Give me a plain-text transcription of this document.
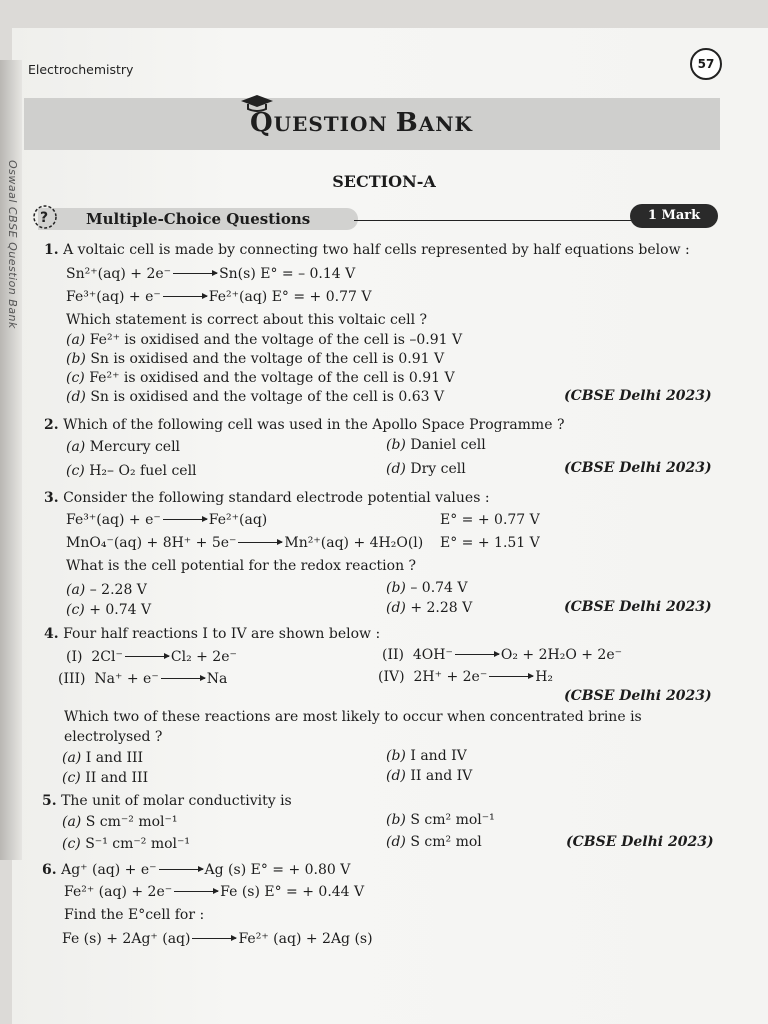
Oswaal CBSE Question Bank
Electrochemistry	57
QUESTION BANK
SECTION-A
?	Multiple-Choice Questions	1 Mark
1. A voltaic cell is made by connecting two half cells represented by half equations below :
Sn²⁺(aq) + 2e⁻	Sn(s) E° = – 0.14 V
Fe³⁺(aq) + e⁻	Fe²⁺(aq) E° = + 0.77 V
Which statement is correct about this voltaic cell ?
(a) Fe²⁺ is oxidised and the voltage of the cell is –0.91 V
(b) Sn is oxidised and the voltage of the cell is 0.91 V
(c) Fe²⁺ is oxidised and the voltage of the cell is 0.91 V
(d) Sn is oxidised and the voltage of the cell is 0.63 V	(CBSE Delhi 2023)
2. Which of the following cell was used in the Apollo Space Programme ?
(a) Mercury cell	(b) Daniel cell
(c) H₂– O₂ fuel cell	(d) Dry cell	(CBSE Delhi 2023)
3. Consider the following standard electrode potential values :
Fe³⁺(aq) + e⁻	Fe²⁺(aq)	E° = + 0.77 V
MnO₄⁻(aq) + 8H⁺ + 5e⁻	Mn²⁺(aq) + 4H₂O(l) E° = + 1.51 V
What is the cell potential for the redox reaction ?
(a) – 2.28 V	(b) – 0.74 V
(c) + 0.74 V	(d) + 2.28 V	(CBSE Delhi 2023)
4. Four half reactions I to IV are shown below :
(I) 2Cl⁻	Cl₂ + 2e⁻	(II) 4OH⁻	O₂ + 2H₂O + 2e⁻
(III) Na⁺ + e⁻	Na	(IV) 2H⁺ + 2e⁻	H₂
(CBSE Delhi 2023)
Which two of these reactions are most likely to occur when concentrated brine is
electrolysed ?
(a) I and III	(b) I and IV
(c) II and III	(d) II and IV
5. The unit of molar conductivity is
(a) S cm⁻² mol⁻¹	(b) S cm² mol⁻¹
(c) S⁻¹ cm⁻² mol⁻¹	(d) S cm² mol	(CBSE Delhi 2023)
6. Ag⁺ (aq) + e⁻	Ag (s) E° = + 0.80 V
Fe²⁺ (aq) + 2e⁻	Fe (s) E° = + 0.44 V
Find the E°cell for :
Fe (s) + 2Ag⁺ (aq)	Fe²⁺ (aq) + 2Ag (s)
